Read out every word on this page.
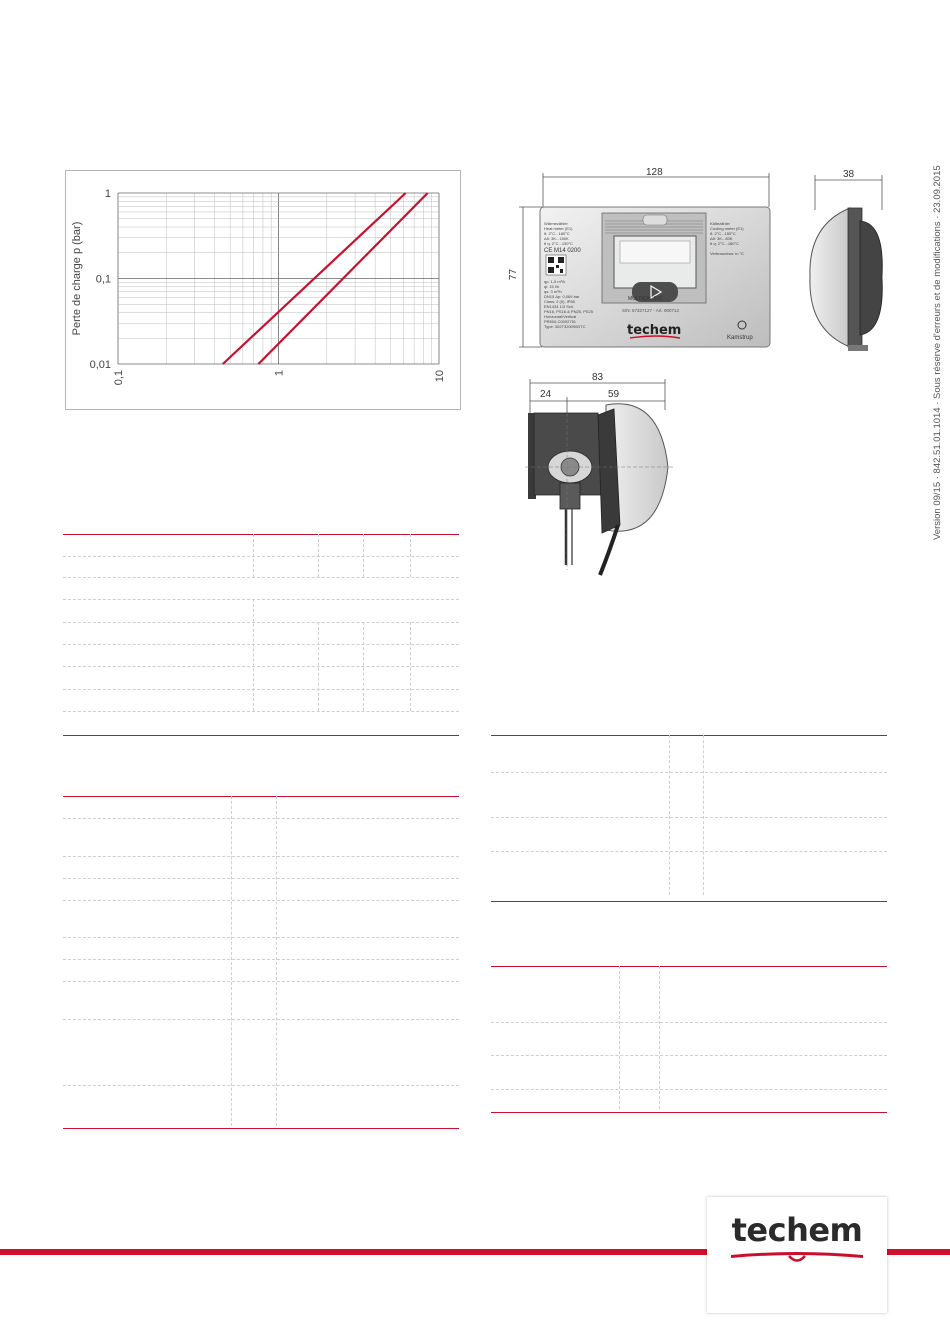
1
0,1
0,01
0,1	1	10
Perte de charge p (bar)	Wärmezähler
Heat meter (E1)
θ: 2°C...180°C
Δθ: 3K...150K
θ q: 2°C...130°C
CE M14 0200
qp: 1,5 m³/h
qi: 15 l/h
qs: 3 m³/h
DN15 Δp: 0,069 bar
Class: 2 (II), IP65
EN1434 1/3 Sch.
PN16, PS16 & PN25, PS25
Horizontal/Vertical
PR500-C0002751
Type: 302T320090DTC
Kältezähler
Cooling meter (E1)
θ: 2°C...150°C
Δθ: 3K...80K
θ q: 2°C...180°C
Verbrauchsw: in °C
S/N: 67327127 - Art. 900712
MULTICAL 302
techem	Kamstrup
128
77
38
83
24	59	Version 09/15 · 842.51.01.1014 · Sous réserve d'erreurs et de modifications · 23.09.2015
techem
